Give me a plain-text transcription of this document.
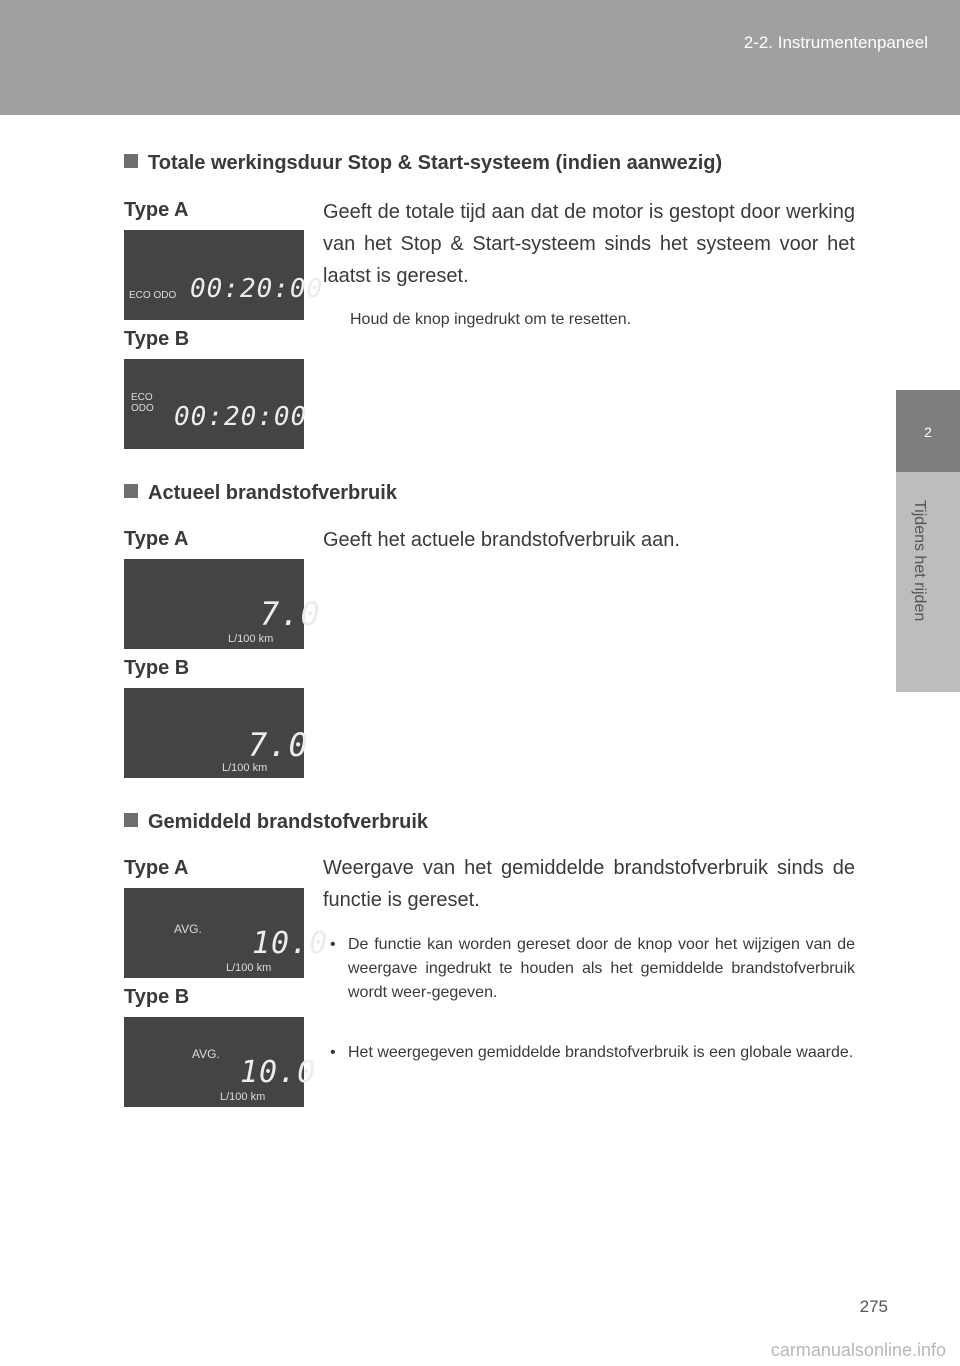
2-2. Instrumentenpaneel
2
Tijdens het rijden
Totale werkingsduur Stop & Start-systeem (indien aanwezig)
Type A
ECO ODO 00:20:00
Type B
ECO
ODO 00:20:00
Geeft de totale tijd aan dat de motor is gestopt door werking van het Stop & Start-systeem sinds het systeem voor het laatst is gereset.
Houd de knop ingedrukt om te resetten.
Actueel brandstofverbruik
Type A
7.0
L/100 km
Type B
7.0
L/100 km
Geeft het actuele brandstofverbruik aan.
Gemiddeld brandstofverbruik
Type A
AVG. 10.0
L/100 km
Type B
AVG.
10.0
L/100 km
Weergave van het gemiddelde brandstofverbruik sinds de functie is gereset.
• De functie kan worden gereset door de knop voor het wijzigen van de weergave ingedrukt te houden als het gemiddelde brandstofverbruik wordt weer-gegeven.
• Het weergegeven gemiddelde brandstofverbruik is een globale waarde.
275
carmanualsonline.info
